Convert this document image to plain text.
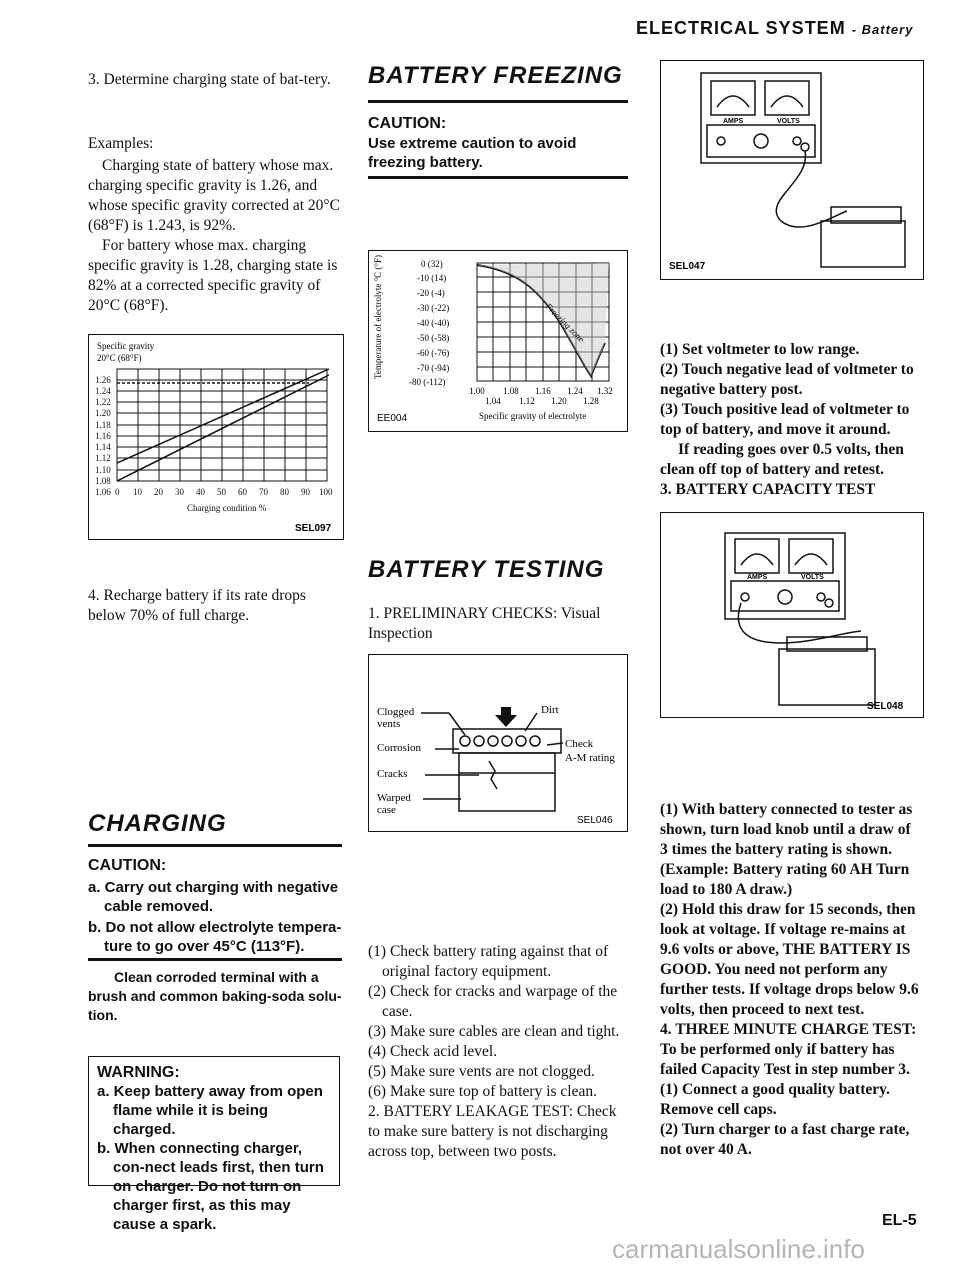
ELECTRICAL SYSTEM - Battery

3. Determine charging state of bat-tery.

Examples:

Charging state of battery whose max. charging specific gravity is 1.26, and whose specific gravity corrected at 20°C (68°F) is 1.243, is 92%.

For battery whose max. charging specific gravity is 1.28, charging state is 82% at a corrected specific gravity of 20°C (68°F).

Specific gravity
20°C (68°F)
1.26
1.24
1.22
1.20
1.18
1.16
1.14
1.12
1.10
1.08
1.06 0 10 20 30 40 50 60 70 80 90 100
Charging condition %
SEL097

4. Recharge battery if its rate drops below 70% of full charge.

CHARGING
CAUTION:
a. Carry out charging with negative cable removed.
b. Do not allow electrolyte tempera-ture to go over 45°C (113°F).

Clean corroded terminal with a brush and common baking-soda solu-tion.

WARNING:
a. Keep battery away from open flame while it is being charged.
b. When connecting charger, con-nect leads first, then turn on charger. Do not turn on charger first, as this may cause a spark.
BATTERY FREEZING
CAUTION:
Use extreme caution to avoid freezing battery.
Temperature of electrolyte °C (°F)	Freezing zone
0 (32)
-10 (14)
-20 (-4)
-30 (-22)
-40 (-40)
-50 (-58)
-60 (-76)
-70 (-94)
-80 (-112)
1.00 1.08 1.16 1.24 1.32
1.04 1.12 1.20 1.28
Specific gravity of electrolyte
EE004
BATTERY TESTING

1. PRELIMINARY CHECKS: Visual Inspection

Clogged
vents
Corrosion
Cracks
Warped
case
Dirt
Check
A-M rating
SEL046

(1) Check battery rating against that of original factory equipment.

(2) Check for cracks and warpage of the case.

(3) Make sure cables are clean and tight.

(4) Check acid level.

(5) Make sure vents are not clogged.

(6) Make sure top of battery is clean.

2. BATTERY LEAKAGE TEST: Check to make sure battery is not discharging across top, between two posts.

AMPS	VOLTS
SEL047

(1) Set voltmeter to low range.

(2) Touch negative lead of voltmeter to negative battery post.

(3) Touch positive lead of voltmeter to top of battery, and move it around.

If reading goes over 0.5 volts, then clean off top of battery and retest.

3. BATTERY CAPACITY TEST

AMPS	VOLTS
SEL048

(1) With battery connected to tester as shown, turn load knob until a draw of 3 times the battery rating is shown. (Example: Battery rating 60 AH Turn load to 180 A draw.)

(2) Hold this draw for 15 seconds, then look at voltage. If voltage re-mains at 9.6 volts or above, THE BATTERY IS GOOD. You need not perform any further tests. If voltage drops below 9.6 volts, then proceed to next test.

4. THREE MINUTE CHARGE TEST: To be performed only if battery has failed Capacity Test in step number 3.

(1) Connect a good quality battery. Remove cell caps.

(2) Turn charger to a fast charge rate, not over 40 A.

EL-5
carmanualsonline.info
